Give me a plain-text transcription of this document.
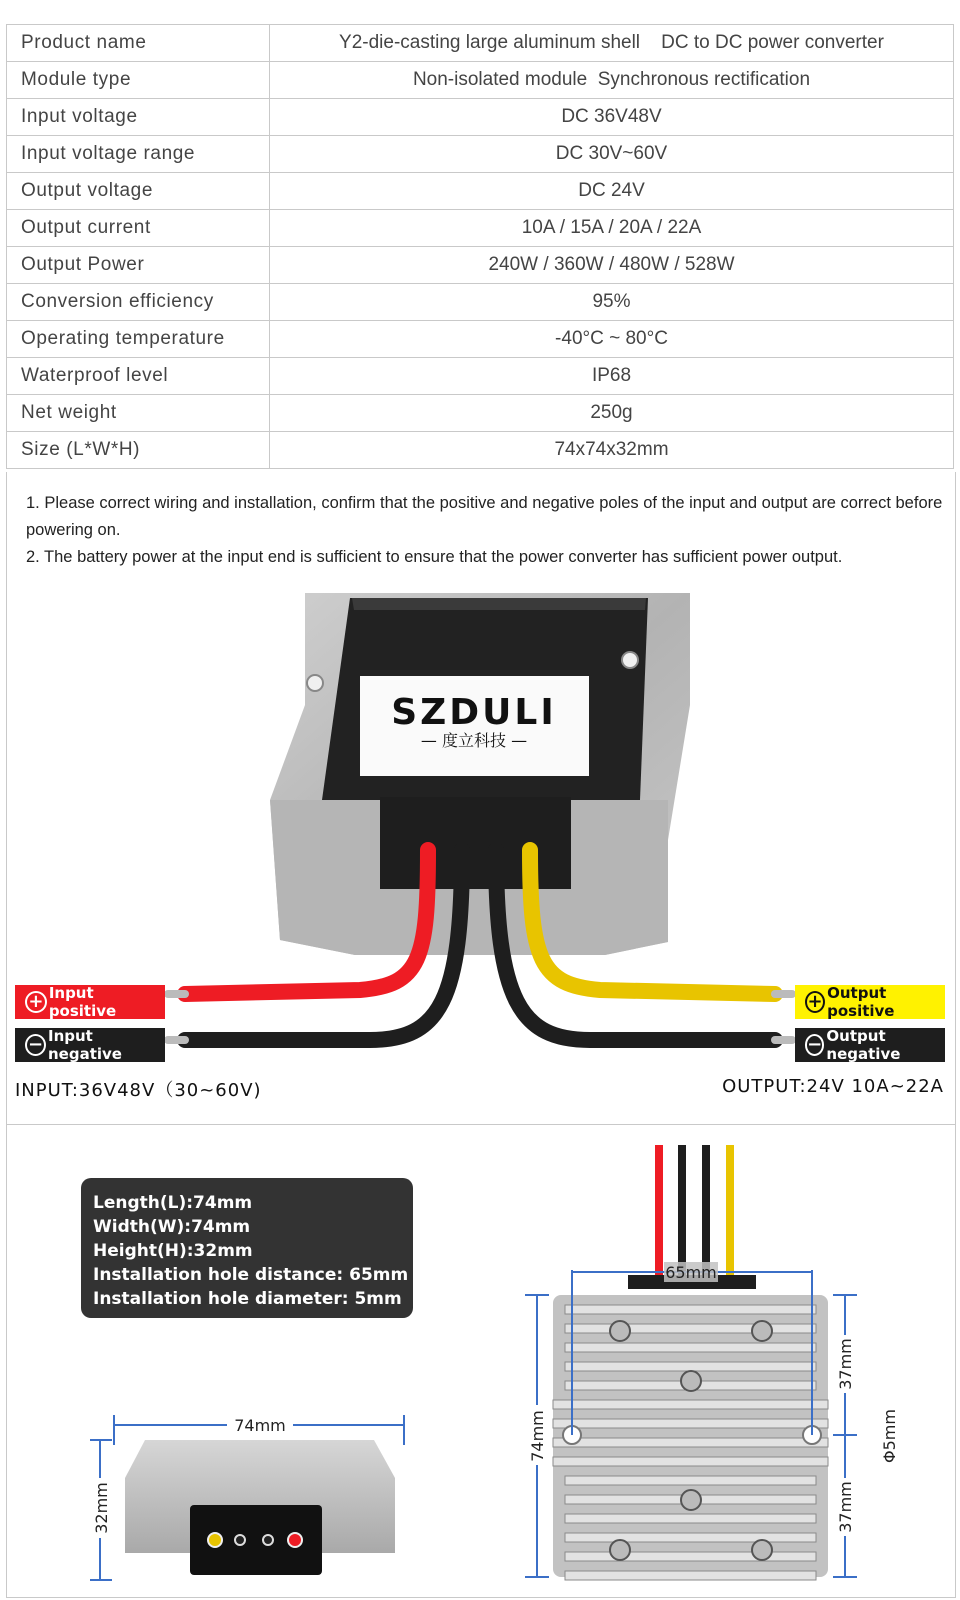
Product name	Y2-die-casting large aluminum shell    DC to DC power converter
Module type	Non-isolated module  Synchronous rectification
Input voltage	DC 36V48V
Input voltage range	DC 30V~60V
Output voltage	DC 24V
Output current	10A / 15A / 20A / 22A
Output Power	240W / 360W / 480W / 528W
Conversion efficiency	95%
Operating temperature	-40°C ~ 80°C
Waterproof level	IP68
Net weight	250g
Size (L*W*H)	74x74x32mm

1. Please correct wiring and installation, confirm that the positive and negative poles of the input and output are correct before powering on.

2. The battery power at the input end is sufficient to ensure that the power converter has sufficient power output.

SZDULI
— 度立科技 —
74mm
32mm
65mm
74mm
37mm
37mm
Φ5mm
+ Input positive
− Input negative
+ Output positive
− Output negative
INPUT:36V48V（30~60V)	OUTPUT:24V 10A~22A
Length(L):74mm
Width(W):74mm
Height(H):32mm
Installation hole distance: 65mm
Installation hole diameter: 5mm
